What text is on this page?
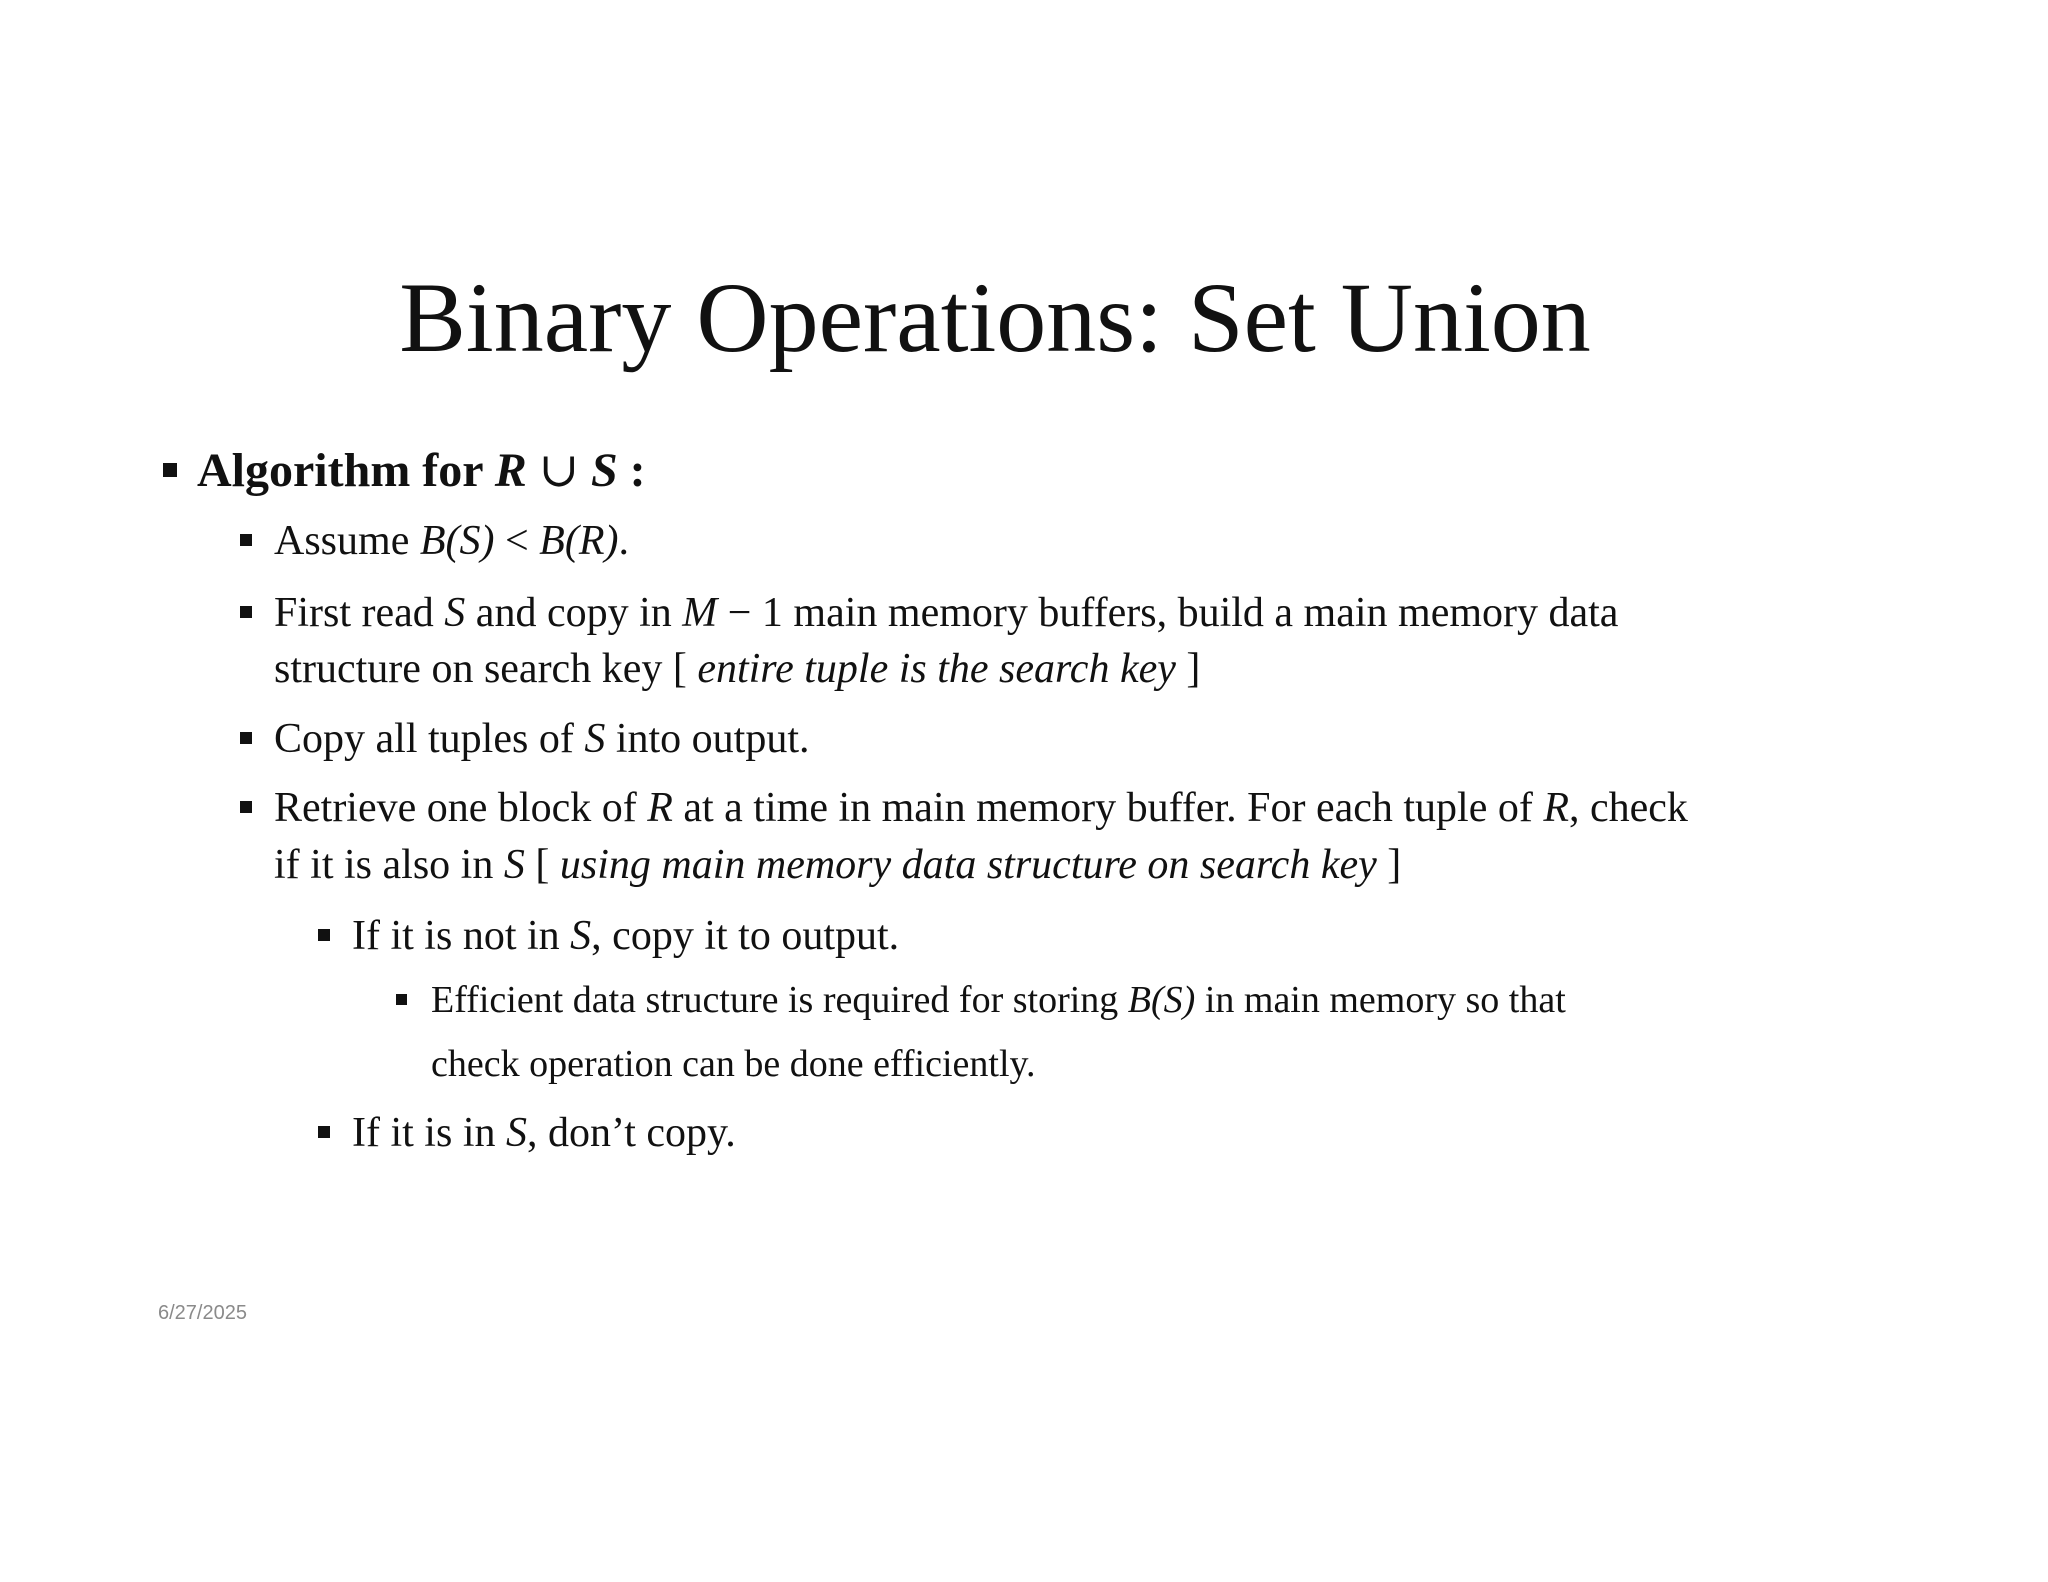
Binary Operations: Set Union
Algorithm for R ∪ S :
Assume B(S) < B(R).
First read S and copy in M − 1 main memory buffers, build a main memory data
structure on search key [ entire tuple is the search key ]
Copy all tuples of S into output.
Retrieve one block of R at a time in main memory buffer. For each tuple of R, check
if it is also in S [ using main memory data structure on search key ]
If it is not in S, copy it to output.
Efficient data structure is required for storing B(S) in main memory so that
check operation can be done efficiently.
If it is in S, don’t copy.
6/27/2025
